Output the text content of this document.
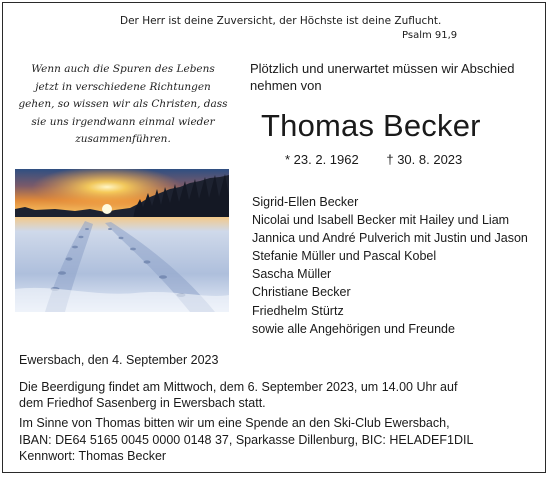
Der Herr ist deine Zuversicht, der Höchste ist deine Zuflucht.
Psalm 91,9
Wenn auch die Spuren des Lebens
jetzt in verschiedene Richtungen
gehen, so wissen wir als Christen, dass
sie uns irgendwann einmal wieder
zusammenführen.
Plötzlich und unerwartet müssen wir Abschied
nehmen von
Thomas Becker
* 23. 2. 1962 † 30. 8. 2023
Sigrid-Ellen Becker
Nicolai und Isabell Becker mit Hailey und Liam
Jannica und André Pulverich mit Justin und Jason
Stefanie Müller und Pascal Kobel
Sascha Müller
Christiane Becker
Friedhelm Stürtz
sowie alle Angehörigen und Freunde
Ewersbach, den 4. September 2023
Die Beerdigung findet am Mittwoch, dem 6. September 2023, um 14.00 Uhr auf
dem Friedhof Sasenberg in Ewersbach statt.
Im Sinne von Thomas bitten wir um eine Spende an den Ski-Club Ewersbach,
IBAN: DE64 5165 0045 0000 0148 37, Sparkasse Dillenburg, BIC: HELADEF1DIL
Kennwort: Thomas Becker
